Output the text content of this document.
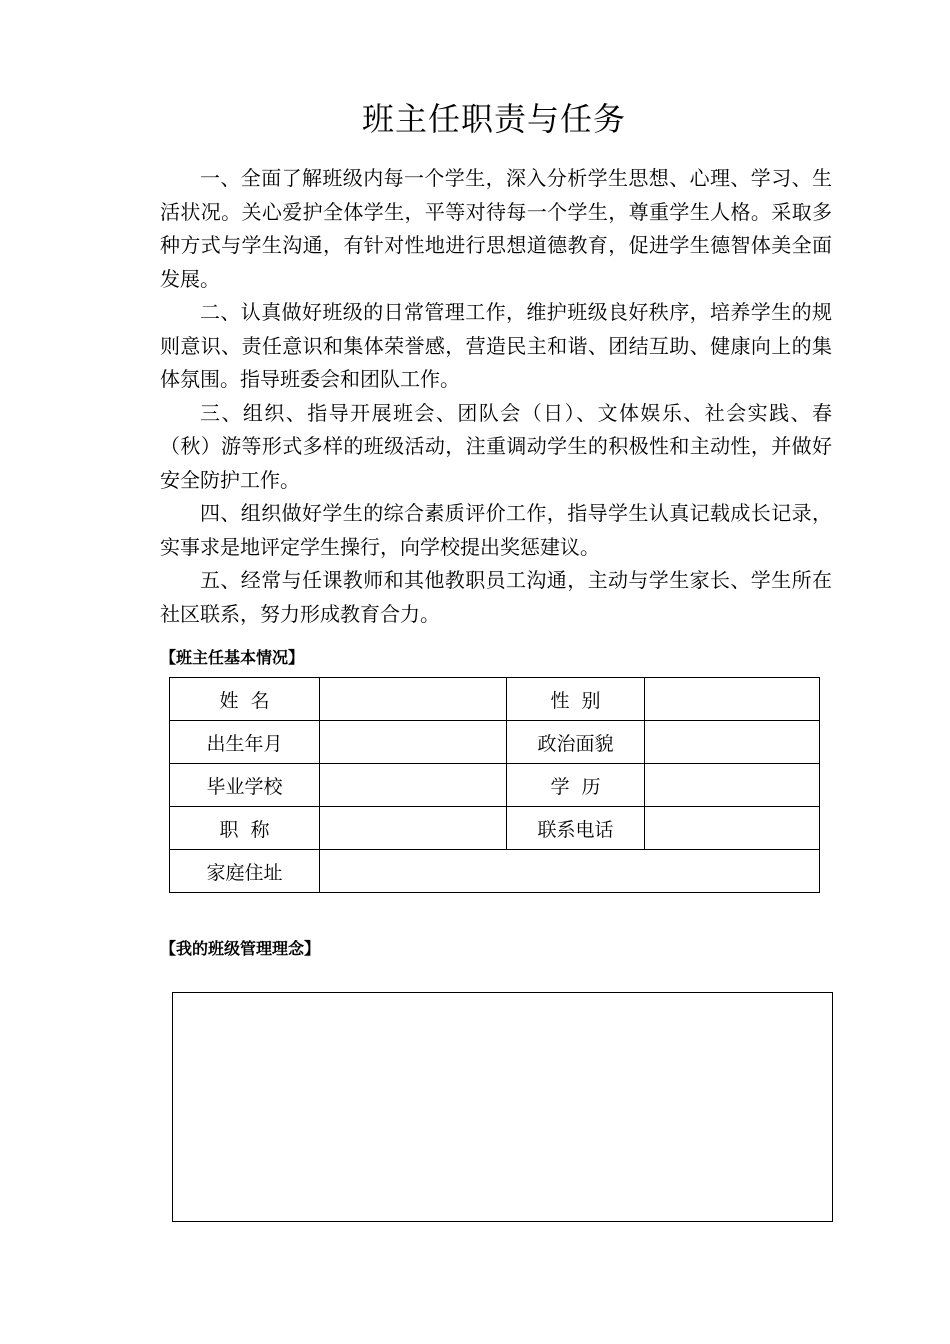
班主任职责与任务

一、全面了解班级内每一个学生，深入分析学生思想、心理、学习、生活状况。关心爱护全体学生，平等对待每一个学生，尊重学生人格。采取多种方式与学生沟通，有针对性地进行思想道德教育，促进学生德智体美全面发展。

二、认真做好班级的日常管理工作，维护班级良好秩序，培养学生的规则意识、责任意识和集体荣誉感，营造民主和谐、团结互助、健康向上的集体氛围。指导班委会和团队工作。

三、组织、指导开展班会、团队会（日）、文体娱乐、社会实践、春（秋）游等形式多样的班级活动，注重调动学生的积极性和主动性，并做好安全防护工作。

四、组织做好学生的综合素质评价工作，指导学生认真记载成长记录，实事求是地评定学生操行，向学校提出奖惩建议。

五、经常与任课教师和其他教职员工沟通，主动与学生家长、学生所在社区联系，努力形成教育合力。

【班主任基本情况】
姓  名		性  别	
出生年月		政治面貌	
毕业学校		学  历	
职  称		联系电话	
家庭住址			
【我的班级管理理念】
